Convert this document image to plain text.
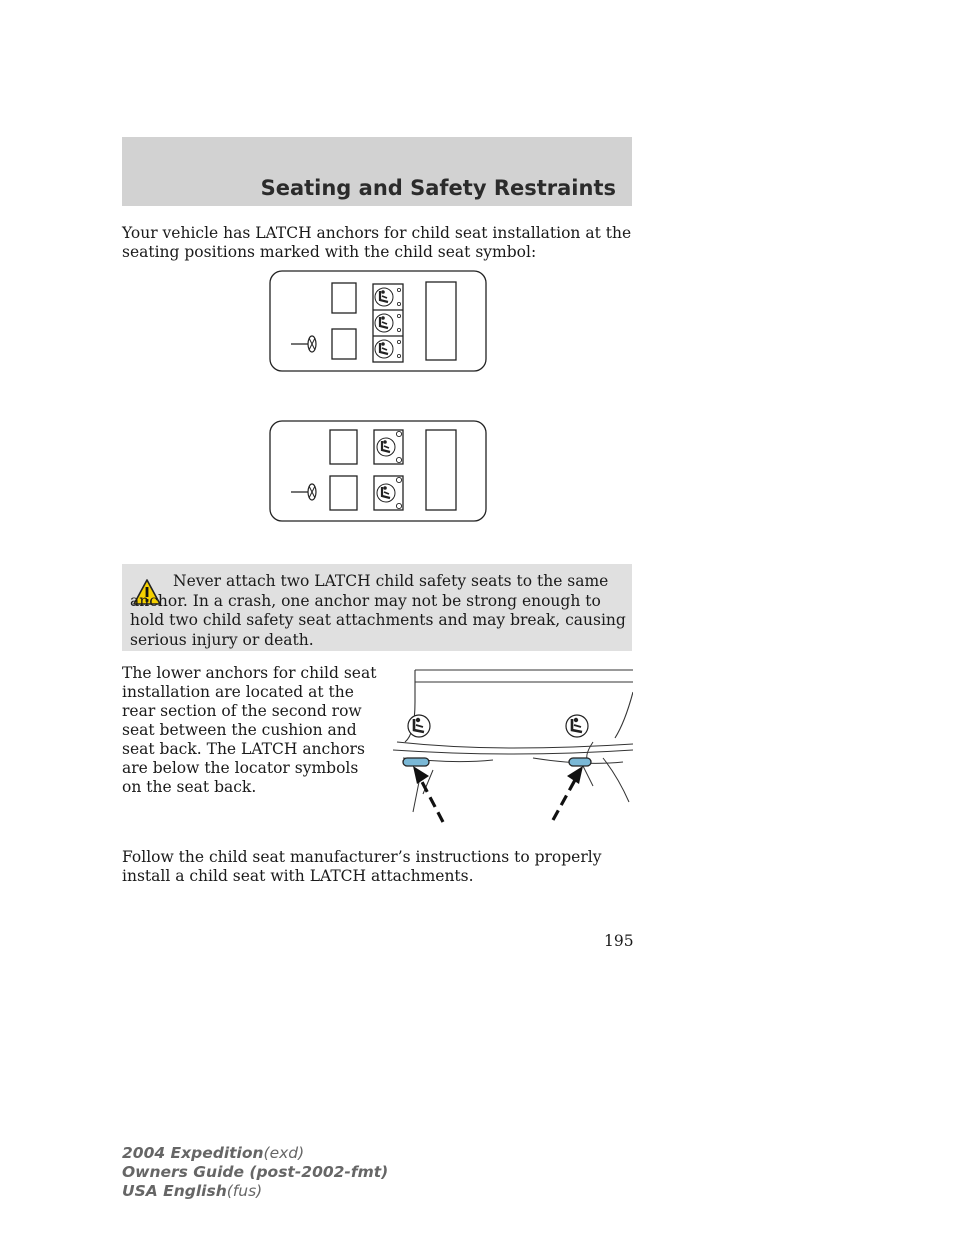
Seating and Safety Restraints
Your vehicle has LATCH anchors for child seat installation at the seating positions marked with the child seat symbol:
Never attach two LATCH child safety seats to the same anchor. In a crash, one anchor may not be strong enough to hold two child safety seat attachments and may break, causing serious injury or death.
The lower anchors for child seat installation are located at the rear section of the second row seat between the cushion and seat back. The LATCH anchors are below the locator symbols on the seat back.
Follow the child seat manufacturer’s instructions to properly install a child seat with LATCH attachments.
195
2004 Expedition(exd)
Owners Guide (post-2002-fmt)
USA English(fus)
